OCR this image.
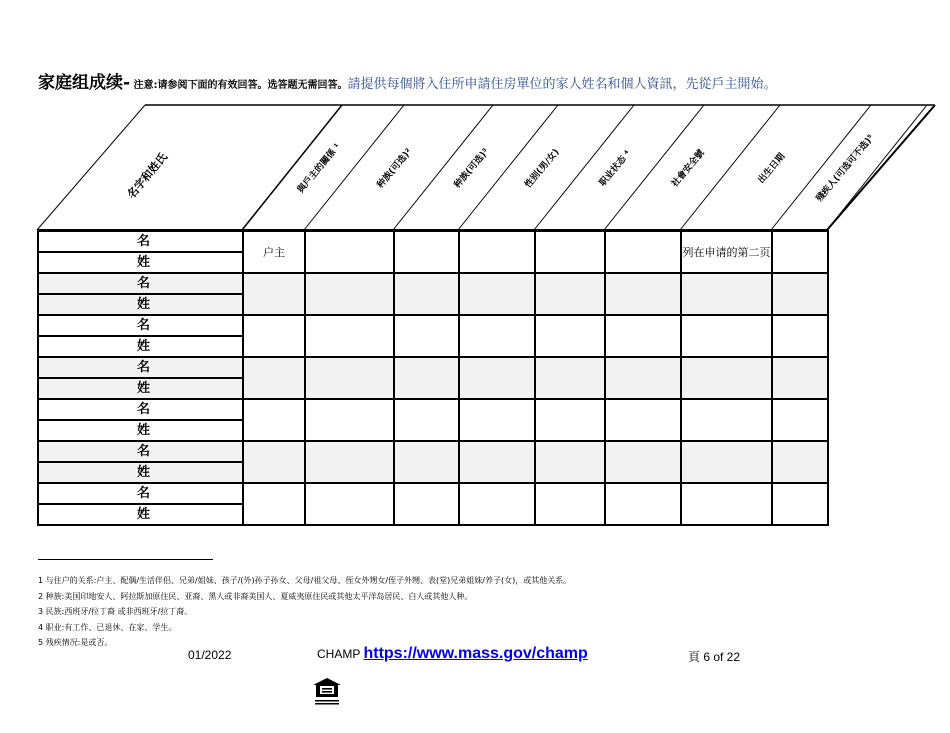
家庭组成续- 注意:请参阅下面的有效回答。选答题无需回答。請提供每個將入住所申請住房單位的家人姓名和個人資訊，先從戶主開始。
名字和姓氏	與戶主的關係 ¹	种族(可选)²	种族(可选)³	性别(男/女)	职业状态 ⁴	社會安全號	出生日期	殘疾人(可选可不选)⁵
名
姓	户主						列在申请的第二页	

名
姓								

名
姓								

名
姓								

名
姓								

名
姓								

名
姓								

1 与住户的关系:户主、配偶/生活伴侣、兄弟/姐妹、孩子/(外)孙子孙女、父母/祖父母、侄女外甥女/侄子外甥、表(堂)兄弟姐妹/养子(女)，或其他关系。
2 种族:美国印地安人、阿拉斯加原住民、亚裔、黑人或非裔美国人、夏威夷原住民或其他太平洋岛居民、白人或其他人种。
3 民族:西班牙/拉丁裔 或非西班牙/拉丁裔。
4 职业:有工作、已退休、在家、学生。
5 残疾情况:是或否。
01/2022	CHAMP https://www.mass.gov/champ	頁 6 of 22
